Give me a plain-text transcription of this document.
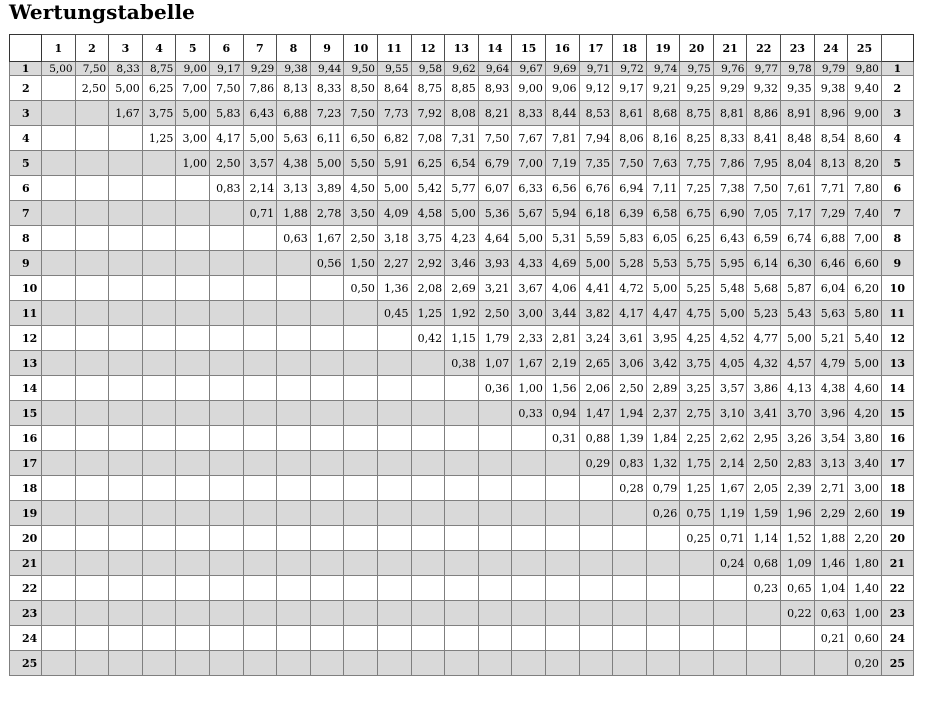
Wertungstabelle
	1	2	3	4	5	6	7	8	9	10	11	12	13	14	15	16	17	18	19	20	21	22	23	24	25	
1	5,00	7,50	8,33	8,75	9,00	9,17	9,29	9,38	9,44	9,50	9,55	9,58	9,62	9,64	9,67	9,69	9,71	9,72	9,74	9,75	9,76	9,77	9,78	9,79	9,80	1
2		2,50	5,00	6,25	7,00	7,50	7,86	8,13	8,33	8,50	8,64	8,75	8,85	8,93	9,00	9,06	9,12	9,17	9,21	9,25	9,29	9,32	9,35	9,38	9,40	2
3			1,67	3,75	5,00	5,83	6,43	6,88	7,23	7,50	7,73	7,92	8,08	8,21	8,33	8,44	8,53	8,61	8,68	8,75	8,81	8,86	8,91	8,96	9,00	3
4				1,25	3,00	4,17	5,00	5,63	6,11	6,50	6,82	7,08	7,31	7,50	7,67	7,81	7,94	8,06	8,16	8,25	8,33	8,41	8,48	8,54	8,60	4
5					1,00	2,50	3,57	4,38	5,00	5,50	5,91	6,25	6,54	6,79	7,00	7,19	7,35	7,50	7,63	7,75	7,86	7,95	8,04	8,13	8,20	5
6						0,83	2,14	3,13	3,89	4,50	5,00	5,42	5,77	6,07	6,33	6,56	6,76	6,94	7,11	7,25	7,38	7,50	7,61	7,71	7,80	6
7							0,71	1,88	2,78	3,50	4,09	4,58	5,00	5,36	5,67	5,94	6,18	6,39	6,58	6,75	6,90	7,05	7,17	7,29	7,40	7
8								0,63	1,67	2,50	3,18	3,75	4,23	4,64	5,00	5,31	5,59	5,83	6,05	6,25	6,43	6,59	6,74	6,88	7,00	8
9									0,56	1,50	2,27	2,92	3,46	3,93	4,33	4,69	5,00	5,28	5,53	5,75	5,95	6,14	6,30	6,46	6,60	9
10										0,50	1,36	2,08	2,69	3,21	3,67	4,06	4,41	4,72	5,00	5,25	5,48	5,68	5,87	6,04	6,20	10
11											0,45	1,25	1,92	2,50	3,00	3,44	3,82	4,17	4,47	4,75	5,00	5,23	5,43	5,63	5,80	11
12												0,42	1,15	1,79	2,33	2,81	3,24	3,61	3,95	4,25	4,52	4,77	5,00	5,21	5,40	12
13													0,38	1,07	1,67	2,19	2,65	3,06	3,42	3,75	4,05	4,32	4,57	4,79	5,00	13
14														0,36	1,00	1,56	2,06	2,50	2,89	3,25	3,57	3,86	4,13	4,38	4,60	14
15															0,33	0,94	1,47	1,94	2,37	2,75	3,10	3,41	3,70	3,96	4,20	15
16																0,31	0,88	1,39	1,84	2,25	2,62	2,95	3,26	3,54	3,80	16
17																	0,29	0,83	1,32	1,75	2,14	2,50	2,83	3,13	3,40	17
18																		0,28	0,79	1,25	1,67	2,05	2,39	2,71	3,00	18
19																			0,26	0,75	1,19	1,59	1,96	2,29	2,60	19
20																				0,25	0,71	1,14	1,52	1,88	2,20	20
21																					0,24	0,68	1,09	1,46	1,80	21
22																						0,23	0,65	1,04	1,40	22
23																							0,22	0,63	1,00	23
24																								0,21	0,60	24
25																									0,20	25
